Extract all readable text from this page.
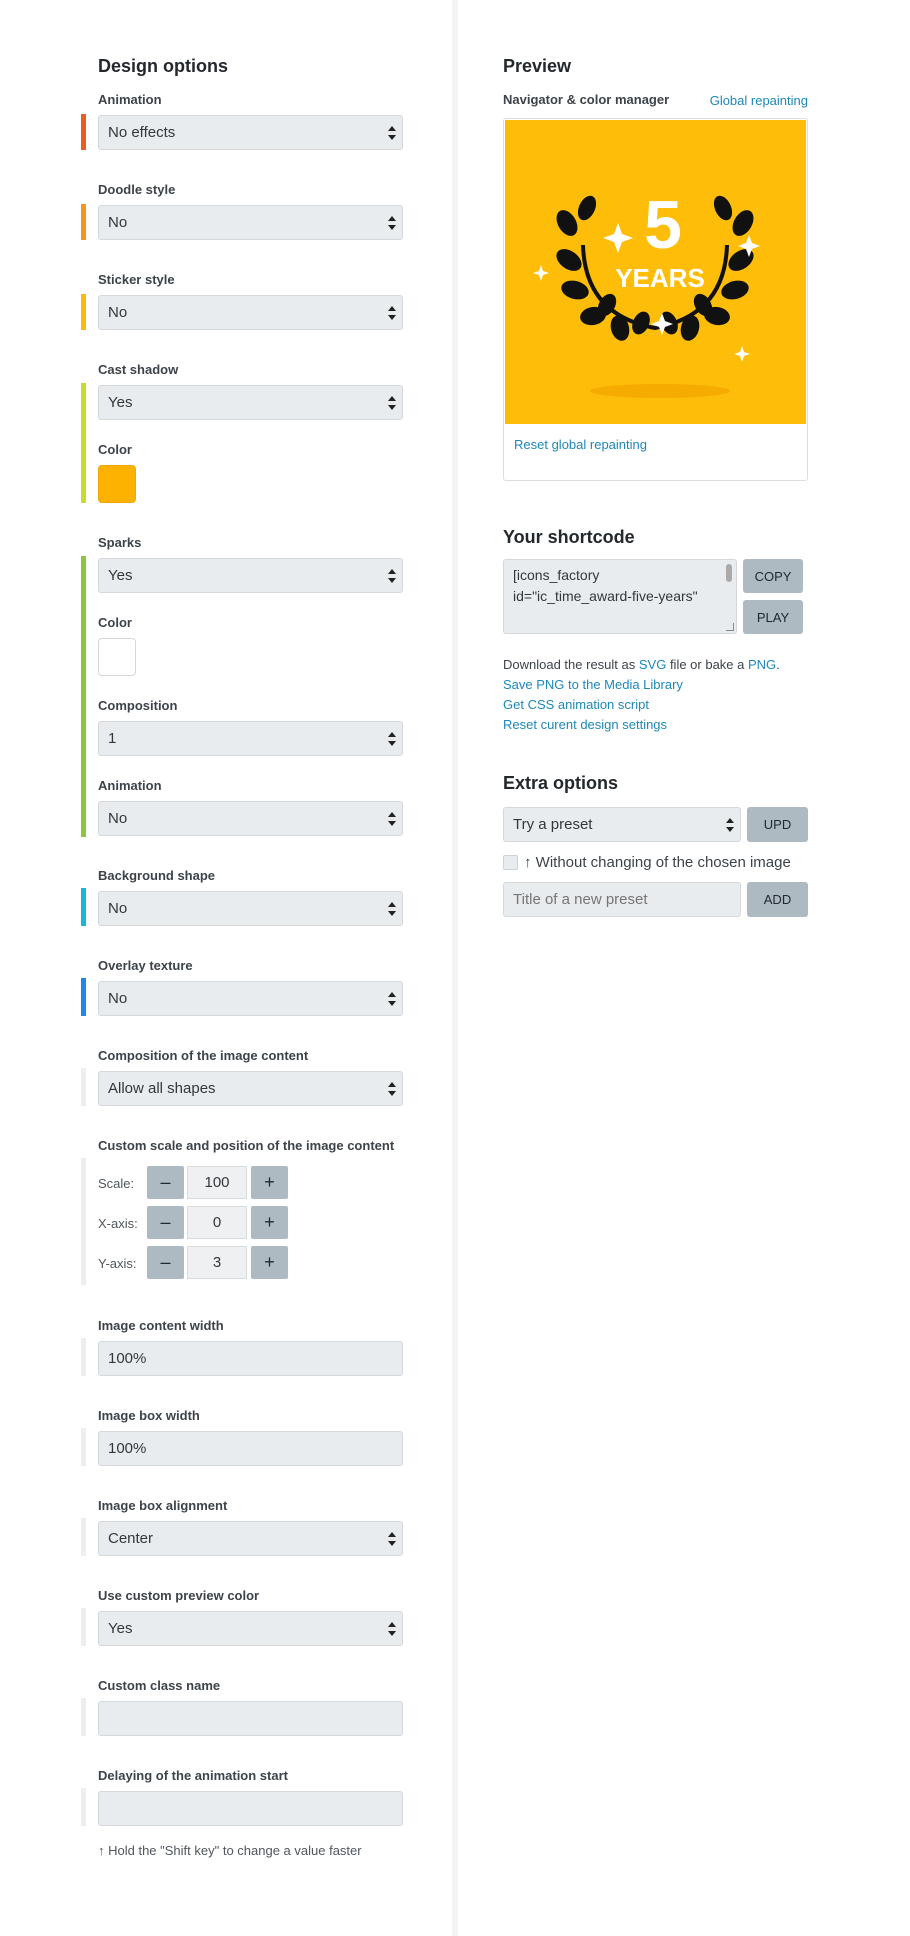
Design options
Animation
No effects
Doodle style
No
Sticker style
No
Cast shadow
Yes
Color
Sparks
Yes
Color
Composition
1
Animation
No
Background shape
No
Overlay texture
No
Composition of the image content
Allow all shapes
Custom scale and position of the image content
Scale:	–	100	+
X-axis:	–	0	+
Y-axis:	–	3	+
Image content width
100%
Image box width
100%
Image box alignment
Center
Use custom preview color
Yes
Custom class name
Delaying of the animation start
↑ Hold the "Shift key" to change a value faster
Preview
Navigator & color manager	Global repainting
5
YEARS
Reset global repainting
Your shortcode
[icons_factory id="ic_time_award-five-years"
COPY
PLAY
Download the result as SVG file or bake a PNG.
Save PNG to the Media Library
Get CSS animation script
Reset curent design settings
Extra options
Try a preset	UPD
↑ Without changing of the chosen image
Title of a new preset
ADD
